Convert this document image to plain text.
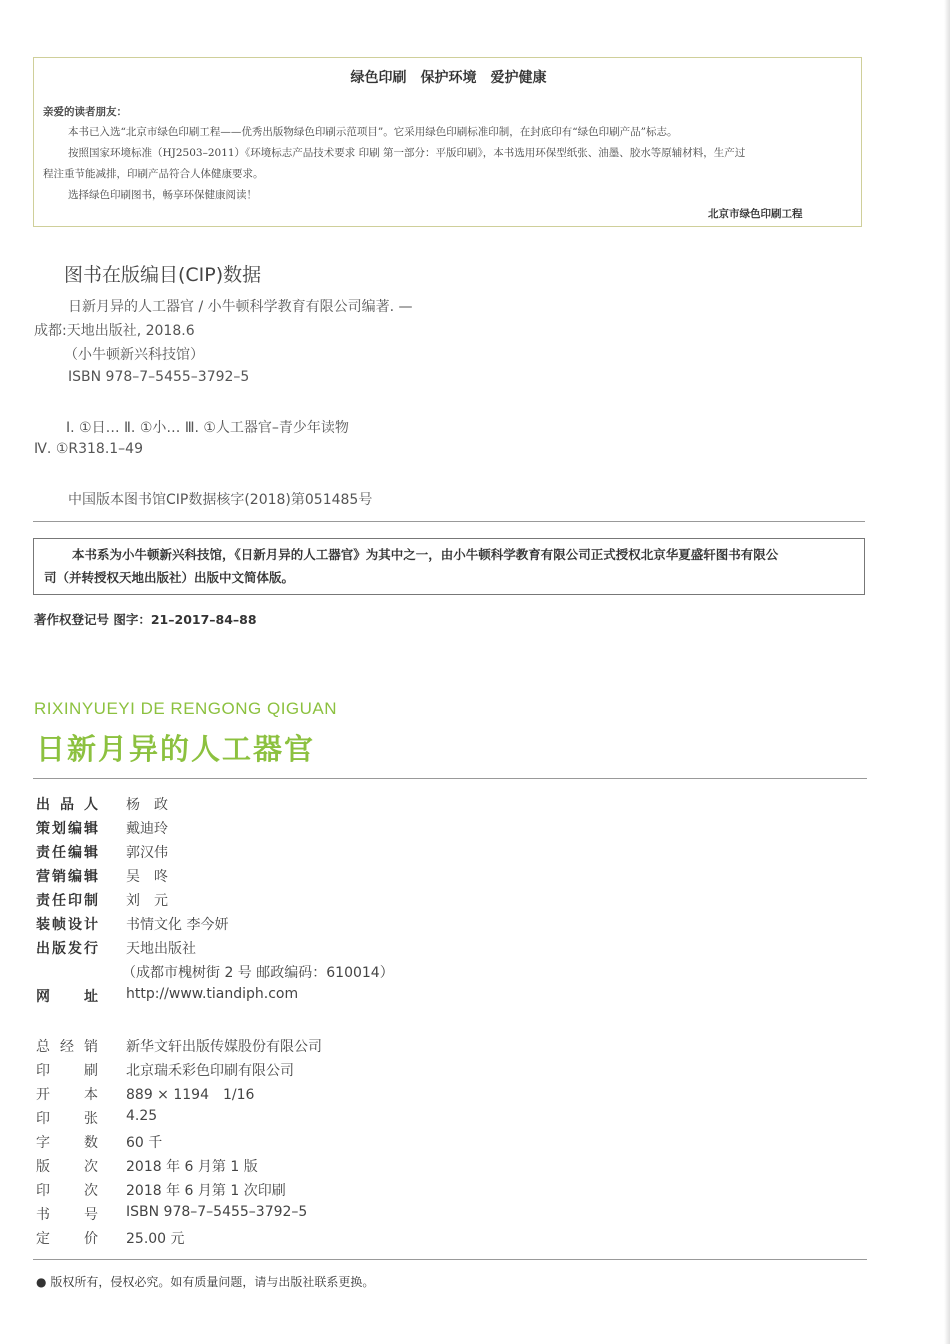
绿色印刷　保护环境　爱护健康
亲爱的读者朋友：
本书已入选“北京市绿色印刷工程——优秀出版物绿色印刷示范项目”。它采用绿色印刷标准印制，在封底印有“绿色印刷产品”标志。
按照国家环境标准（HJ2503–2011）《环境标志产品技术要求 印刷 第一部分：平版印刷》，本书选用环保型纸张、油墨、胶水等原辅材料，生产过
程注重节能减排，印刷产品符合人体健康要求。
选择绿色印刷图书，畅享环保健康阅读！
北京市绿色印刷工程
图书在版编目(CIP)数据
日新月异的人工器官 / 小牛顿科学教育有限公司编著. —
成都:天地出版社, 2018.6
（小牛顿新兴科技馆）
ISBN 978–7–5455–3792–5
Ⅰ. ①日… Ⅱ. ①小… Ⅲ. ①人工器官–青少年读物
Ⅳ. ①R318.1–49
中国版本图书馆CIP数据核字(2018)第051485号
本书系为小牛顿新兴科技馆，《日新月异的人工器官》为其中之一，由小牛顿科学教育有限公司正式授权北京华夏盛轩图书有限公
司（并转授权天地出版社）出版中文简体版。
著作权登记号 图字：21–2017–84–88
RIXINYUEYI DE RENGONG QIGUAN
日新月异的人工器官
出品人 杨　政
策划编辑 戴迪玲
责任编辑 郭汉伟
营销编辑 吴　咚
责任印制 刘　元
装帧设计 书情文化 李今妍
出版发行 天地出版社
（成都市槐树街 2 号 邮政编码：610014）
网址 http://www.tiandiph.com
总经销 新华文轩出版传媒股份有限公司
印刷 北京瑞禾彩色印刷有限公司
开本 889 × 1194　1/16
印张 4.25
字数 60 千
版次 2018 年 6 月第 1 版
印次 2018 年 6 月第 1 次印刷
书号 ISBN 978–7–5455–3792–5
定价 25.00 元
● 版权所有，侵权必究。如有质量问题，请与出版社联系更换。
